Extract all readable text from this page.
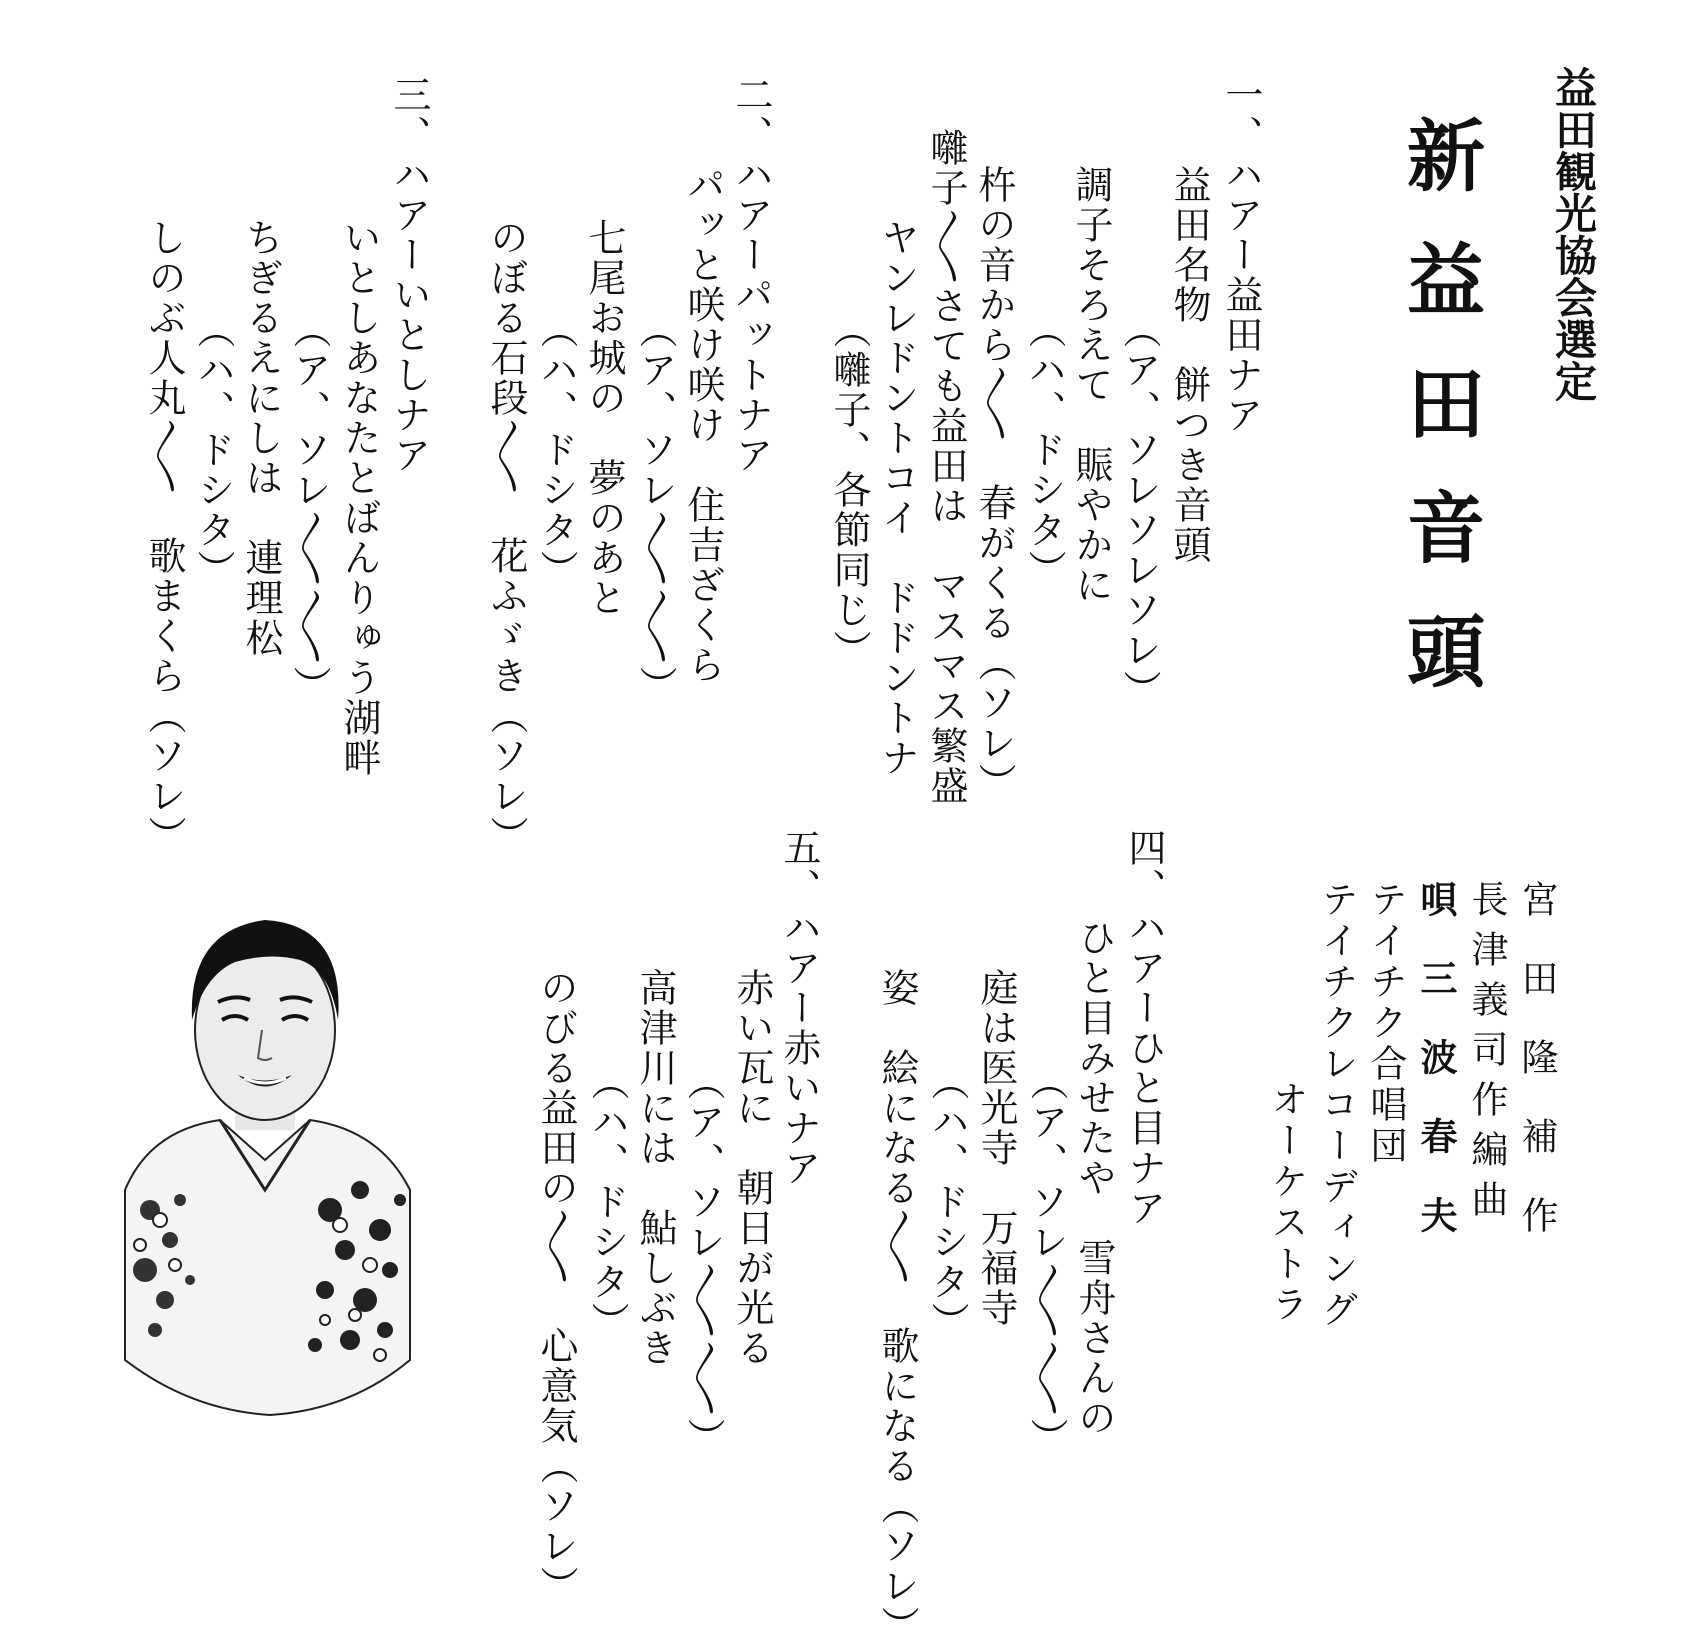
益田観光協会選定
新益田音頭
宮田隆補作
長津義司作編曲
唄三波春夫
テイチク合唱団
テイチクレコーディング
オーケストラ
一、ハアー益田ナア
益田名物　餅つき音頭
（ア、ソレソレソレ）
調子そろえて　賑やかに
（ハ、ドシタ）
杵の音から〱　春がくる（ソレ）
囃子〳〵さても益田は　マスマス繁盛
ヤンレドントコイ　ドドントナ
（囃子、各節同じ）
二、ハアーパットナア
パッと咲け咲け　住吉ざくら
（ア、ソレ〱〱）
七尾お城の　夢のあと
（ハ、ドシタ）
のぼる石段〱　花ふゞき（ソレ）
三、ハアーいとしナア
いとしあなたとばんりゅう湖畔
（ア、ソレ〱〱）
ちぎるえにしは　連理松
（ハ、ドシタ）
しのぶ人丸〱　歌まくら（ソレ）
四、ハアーひと目ナア
ひと目みせたや　雪舟さんの
（ア、ソレ〱〱）
庭は医光寺　万福寺
（ハ、ドシタ）
姿　絵になる〱　歌になる（ソレ）
五、ハアー赤いナア
赤い瓦に　朝日が光る
（ア、ソレ〱〱）
高津川には　鮎しぶき
（ハ、ドシタ）
のびる益田の〱　心意気（ソレ）
